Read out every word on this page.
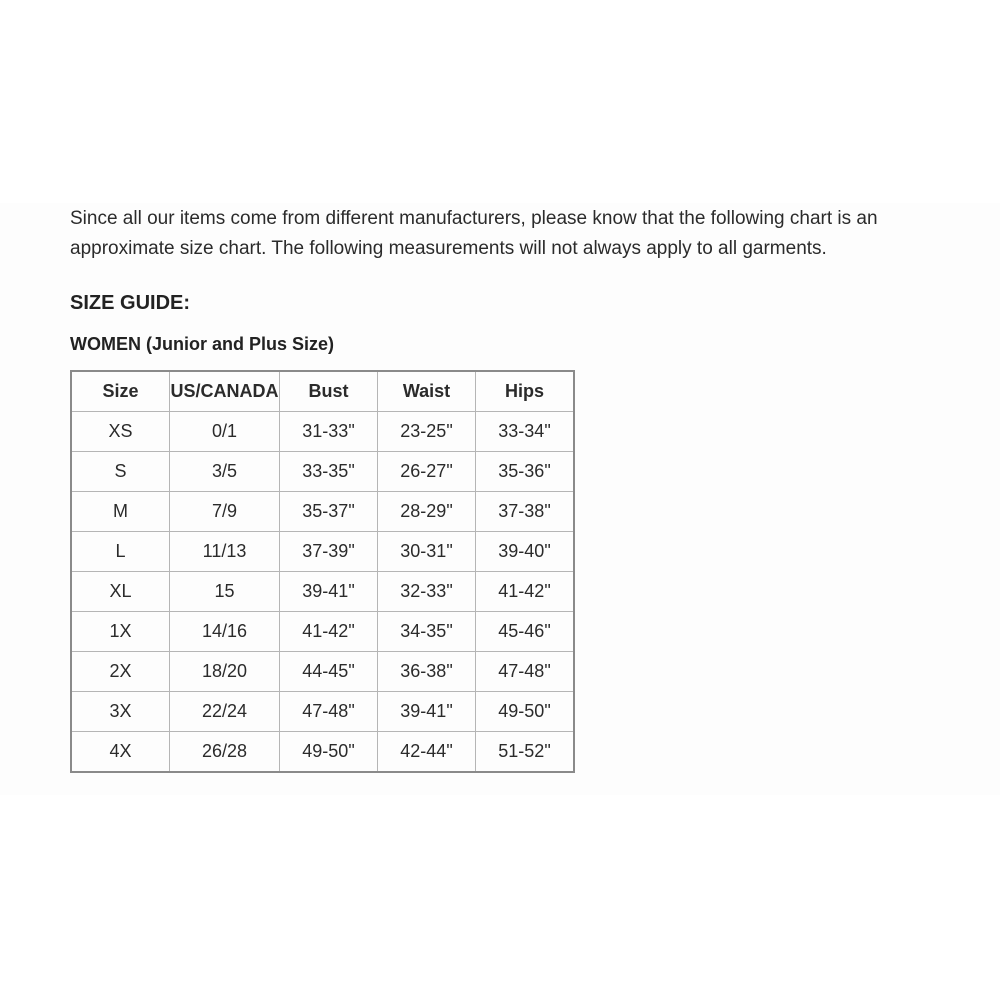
Since all our items come from different manufacturers, please know that the following chart is an
approximate size chart. The following measurements will not always apply to all garments.

SIZE GUIDE:
WOMEN (Junior and Plus Size)
Size	US/CANADA	Bust	Waist	Hips
XS	0/1	31-33"	23-25"	33-34"
S	3/5	33-35"	26-27"	35-36"
M	7/9	35-37"	28-29"	37-38"
L	11/13	37-39"	30-31"	39-40"
XL	15	39-41"	32-33"	41-42"
1X	14/16	41-42"	34-35"	45-46"
2X	18/20	44-45"	36-38"	47-48"
3X	22/24	47-48"	39-41"	49-50"
4X	26/28	49-50"	42-44"	51-52"
